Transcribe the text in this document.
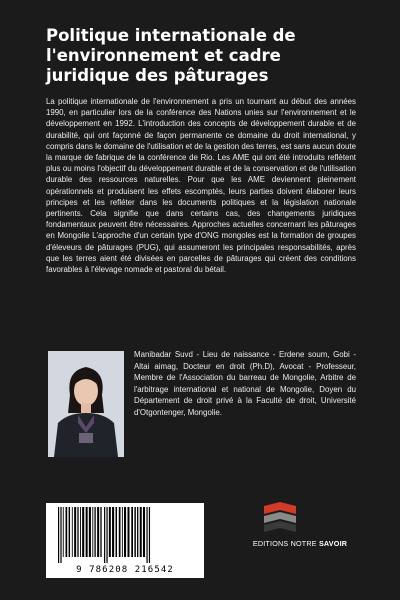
Politique internationale de l'environnement et cadre juridique des pâturages
La politique internationale de l'environnement a pris un tournant au début des années 1990, en particulier lors de la conférence des Nations unies sur l'environnement et le développement en 1992. L'introduction des concepts de développement durable et de durabilité, qui ont façonné de façon permanente ce domaine du droit international, y compris dans le domaine de l'utilisation et de la gestion des terres, est sans aucun doute la marque de fabrique de la conférence de Rio. Les AME qui ont été introduits reflètent plus ou moins l'objectif du développement durable et de la conservation et de l'utilisation durable des ressources naturelles. Pour que les AME deviennent pleinement opérationnels et produisent les effets escomptés, leurs parties doivent élaborer leurs principes et les refléter dans les documents politiques et la législation nationale pertinents. Cela signifie que dans certains cas, des changements juridiques fondamentaux peuvent être nécessaires. Approches actuelles concernant les pâturages en Mongolie L'approche d'un certain type d'ONG mongoles est la formation de groupes d'éleveurs de pâturages (PUG), qui assumeront les principales responsabilités, après que les terres aient été divisées en parcelles de pâturages qui créent des conditions favorables à l'élevage nomade et pastoral du bétail.
Manibadar Suvd - Lieu de naissance - Erdene soum, Gobi - Altai aimag, Docteur en droit (Ph.D), Avocat - Professeur, Membre de l'Association du barreau de Mongolie, Arbitre de l'arbitrage international et national de Mongolie, Doyen du Département de droit privé à la Faculté de droit, Université d'Otgontenger, Mongolie.
9 786208 216542
EDITIONS NOTRE SAVOIR
